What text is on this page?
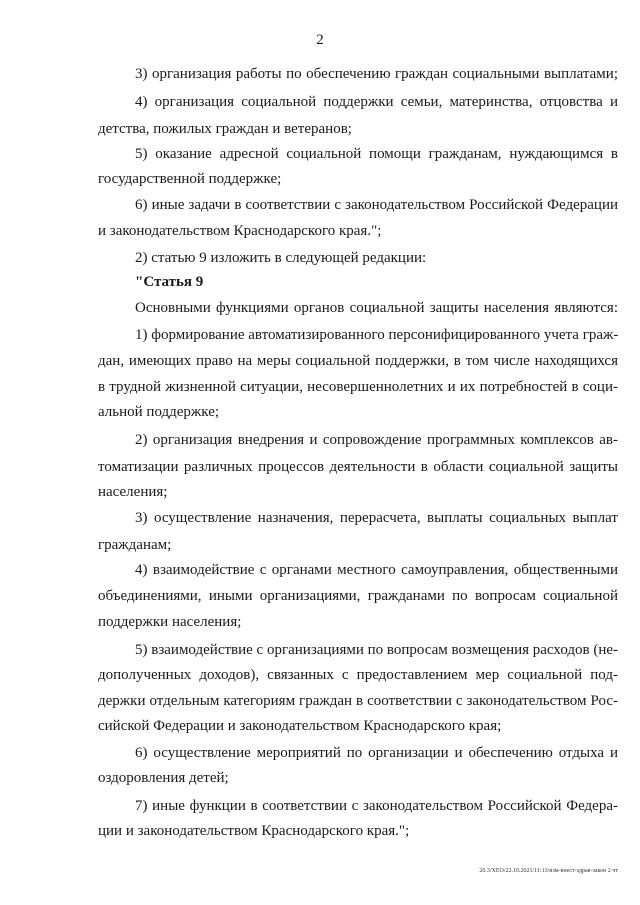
2
3) организация работы по обеспечению граждан социальными выплатами;
4) организация социальной поддержки семьи, материнства, отцовства и
детства, пожилых граждан и ветеранов;
5) оказание адресной социальной помощи гражданам, нуждающимся в
государственной поддержке;
6) иные задачи в соответствии с законодательством Российской Федерации
и законодательством Краснодарского края.";
2) статью 9 изложить в следующей редакции:
"Статья 9
Основными функциями органов социальной защиты населения являются:
1) формирование автоматизированного персонифицированного учета граж-
дан, имеющих право на меры социальной поддержки, в том числе находящихся
в трудной жизненной ситуации, несовершеннолетних и их потребностей в соци-
альной поддержке;
2) организация внедрения и сопровождение программных комплексов ав-
томатизации различных процессов деятельности в области социальной защиты
населения;
3) осуществление назначения, перерасчета, выплаты социальных выплат
гражданам;
4) взаимодействие с органами местного самоуправления, общественными
объединениями, иными организациями, гражданами по вопросам социальной
поддержки населения;
5) взаимодействие с организациями по вопросам возмещения расходов (не-
дополученных доходов), связанных с предоставлением мер социальной под-
держки отдельным категориям граждан в соответствии с законодательством Рос-
сийской Федерации и законодательством Краснодарского края;
6) осуществление мероприятий по организации и обеспечению отдыха и
оздоровления детей;
7) иные функции в соответствии с законодательством Российской Федера-
ции и законодательством Краснодарского края.";
20.3/ХЕО/22.10.2021/11:13/изм-внест-здрав-закон 2 чт
